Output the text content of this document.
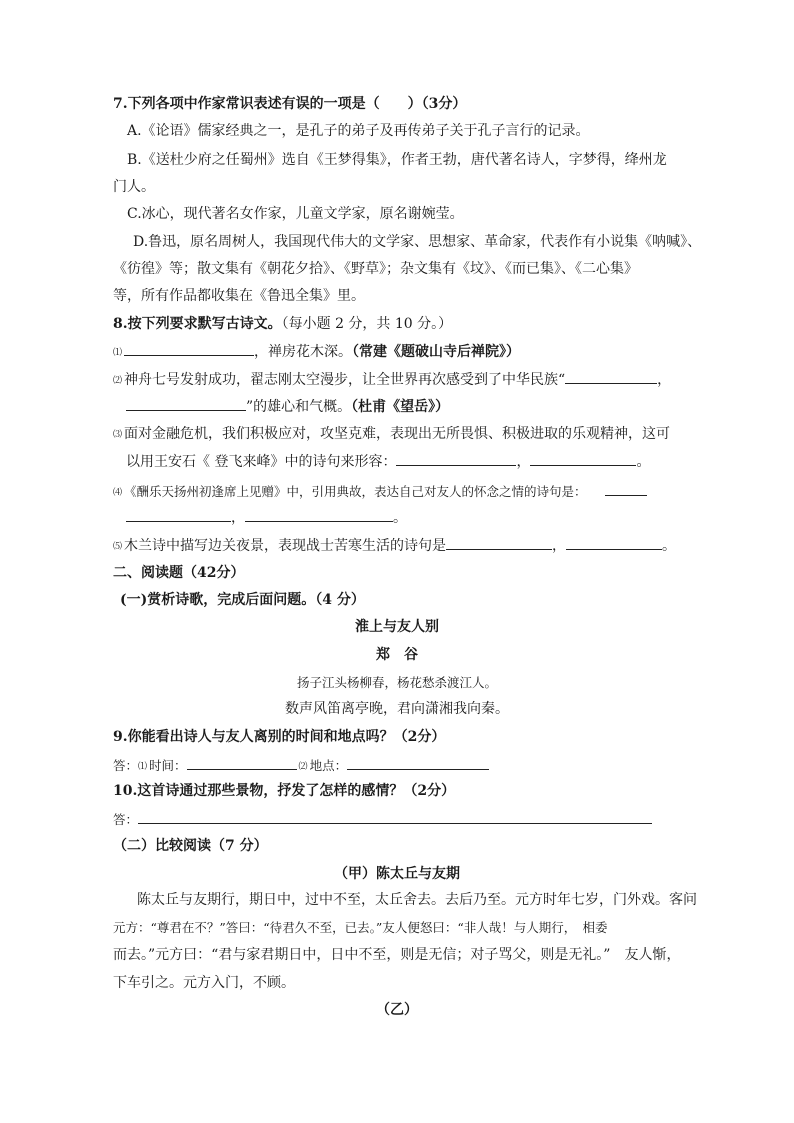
7.下列各项中作家常识表述有误的一项是（　　）（3分）
A.《论语》儒家经典之一，是孔子的弟子及再传弟子关于孔子言行的记录。
B.《送杜少府之任蜀州》选自《王梦得集》，作者王勃，唐代著名诗人，字梦得，绛州龙
门人。
C.冰心，现代著名女作家，儿童文学家，原名谢婉莹。
D.鲁迅，原名周树人，我国现代伟大的文学家、思想家、革命家，代表作有小说集《呐喊》、
《彷徨》等；散文集有《朝花夕拾》、《野草》；杂文集有《坟》、《而已集》、《二心集》
等，所有作品都收集在《鲁迅全集》里。
8.按下列要求默写古诗文。（每小题 2 分，共 10 分。）
⑴	，禅房花木深。（常建《题破山寺后禅院》）
⑵ 神舟七号发射成功，翟志刚太空漫步，让全世界再次感受到了中华民族“	，
”的雄心和气概。（杜甫《望岳》）
⑶ 面对金融危机，我们积极应对，攻坚克难，表现出无所畏惧、积极进取的乐观精神，这可
以用王安石《 登飞来峰》中的诗句来形容：	，	。
⑷ 《酬乐天扬州初逢席上见赠》中，引用典故，表达自己对友人的怀念之情的诗句是：
，	。
⑸ 木兰诗中描写边关夜景，表现战士苦寒生活的诗句是	，	。
二、阅读题（42分）
(一)赏析诗歌，完成后面问题。（4 分）
淮上与友人别
郑　谷
扬子江头杨柳春，杨花愁杀渡江人。
数声风笛离亭晚，君向潇湘我向秦。
9.你能看出诗人与友人离别的时间和地点吗？（2分）
答：⑴ 时间：	⑵ 地点：
10.这首诗通过那些景物，抒发了怎样的感情？（2分）
答：
（二）比较阅读（7 分）
（甲）陈太丘与友期
陈太丘与友期行，期日中，过中不至，太丘舍去。去后乃至。元方时年七岁，门外戏。客问
元方：“尊君在不？”答曰：“待君久不至，已去。”友人便怒曰：“非人哉！与人期行，　相委
而去。”元方曰：“君与家君期日中，日中不至，则是无信；对子骂父，则是无礼。”　友人惭，
下车引之。元方入门，不顾。
（乙）
